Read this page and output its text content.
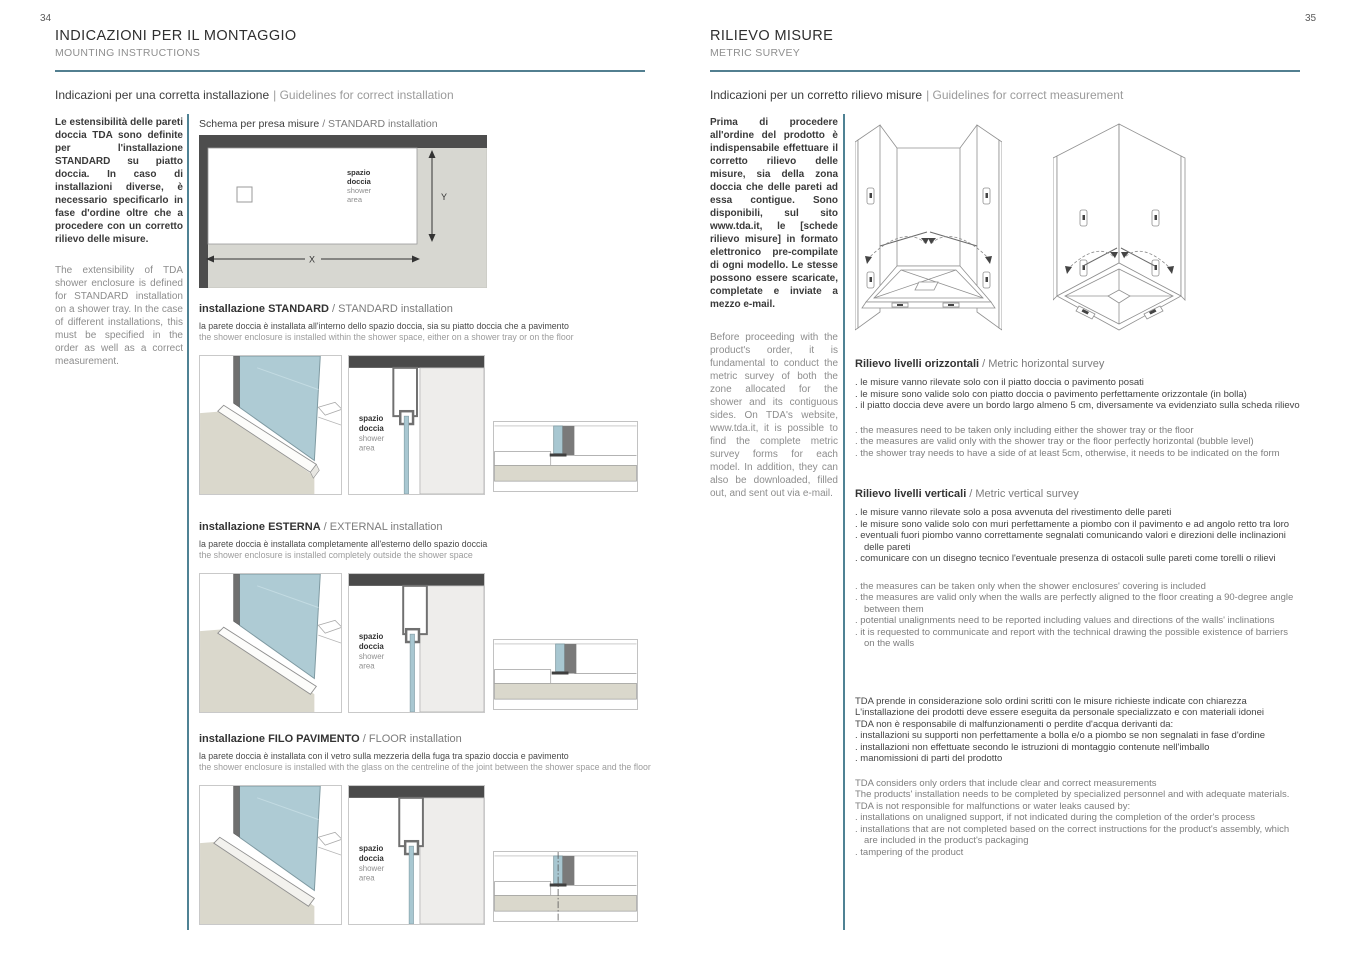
34
INDICAZIONI PER IL MONTAGGIO
MOUNTING INSTRUCTIONS
Indicazioni per una corretta installazione | Guidelines for correct installation
Le estensibilità delle pareti doccia TDA sono definite per l'installazione STANDARD su piatto doccia. In caso di installazioni diverse, è necessario specificarlo in fase d'ordine oltre che a procedere con un corretto rilievo delle misure.
The extensibility of TDA shower enclosure is defined for STANDARD installation on a shower tray. In the case of different installations, this must be specified in the order as well as a correct measurement.
Schema per presa misure / STANDARD installation
spazio
doccia
shower
area	Y
X
installazione STANDARD / STANDARD installation
la parete doccia è installata all'interno dello spazio doccia, sia su piatto doccia che a pavimento
the shower enclosure is installed within the shower space, either on a shower tray or on the floor
spazio
doccia
shower
area
installazione ESTERNA / EXTERNAL installation
la parete doccia è installata completamente all'esterno dello spazio doccia
the shower enclosure is installed completely outside the shower space
spazio
doccia
shower
area
installazione FILO PAVIMENTO / FLOOR installation
la parete doccia è installata con il vetro sulla mezzeria della fuga tra spazio doccia e pavimento
the shower enclosure is installed with the glass on the centreline of the joint between the shower space and the floor
spazio
doccia
shower
area
35
RILIEVO MISURE
METRIC SURVEY
Indicazioni per un corretto rilievo misure | Guidelines for correct measurement
Prima di procedere all'ordine del prodotto è indispensabile effettuare il corretto rilievo delle misure, sia della zona doccia che delle pareti ad essa contigue. Sono disponibili, sul sito www.tda.it, le [schede rilievo misure] in formato elettronico pre-compilate di ogni modello. Le stesse possono essere scaricate, completate e inviate a mezzo e-mail.
Before proceeding with the product's order, it is fundamental to conduct the metric survey of both the zone allocated for the shower and its contiguous sides. On TDA's website, www.tda.it, it is possible to find the complete metric survey forms for each model. In addition, they can also be downloaded, filled out, and sent out via e-mail.
Rilievo livelli orizzontali / Metric horizontal survey
. le misure vanno rilevate solo con il piatto doccia o pavimento posati
. le misure sono valide solo con piatto doccia o pavimento perfettamente orizzontale (in bolla)
. il piatto doccia deve avere un bordo largo almeno 5 cm, diversamente va evidenziato sulla scheda rilievo
. the measures need to be taken only including either the shower tray or the floor
. the measures are valid only with the shower tray or the floor perfectly horizontal (bubble level)
. the shower tray needs to have a side of at least 5cm, otherwise, it needs to be indicated on the form
Rilievo livelli verticali / Metric vertical survey
. le misure vanno rilevate solo a posa avvenuta del rivestimento delle pareti
. le misure sono valide solo con muri perfettamente a piombo con il pavimento e ad angolo retto tra loro
. eventuali fuori piombo vanno correttamente segnalati comunicando valori e direzioni delle inclinazioni delle pareti
. comunicare con un disegno tecnico l'eventuale presenza di ostacoli sulle pareti come torelli o rilievi
. the measures can be taken only when the shower enclosures' covering is included
. the measures are valid only when the walls are perfectly aligned to the floor creating a 90-degree angle between them
. potential unalignments need to be reported including values and directions of the walls' inclinations
. it is requested to communicate and report with the technical drawing the possible existence of barriers on the walls
TDA prende in considerazione solo ordini scritti con le misure richieste indicate con chiarezza
L'installazione dei prodotti deve essere eseguita da personale specializzato e con materiali idonei
TDA non è responsabile di malfunzionamenti o perdite d'acqua derivanti da:
. installazioni su supporti non perfettamente a bolla e/o a piombo se non segnalati in fase d'ordine
. installazioni non effettuate secondo le istruzioni di montaggio contenute nell'imballo
. manomissioni di parti del prodotto
TDA considers only orders that include clear and correct measurements
The products' installation needs to be completed by specialized personnel and with adequate materials.
TDA is not responsible for malfunctions or water leaks caused by:
. installations on unaligned support, if not indicated during the completion of the order's process
. installations that are not completed based on the correct instructions for the product's assembly, which are included in the product's packaging
. tampering of the product
